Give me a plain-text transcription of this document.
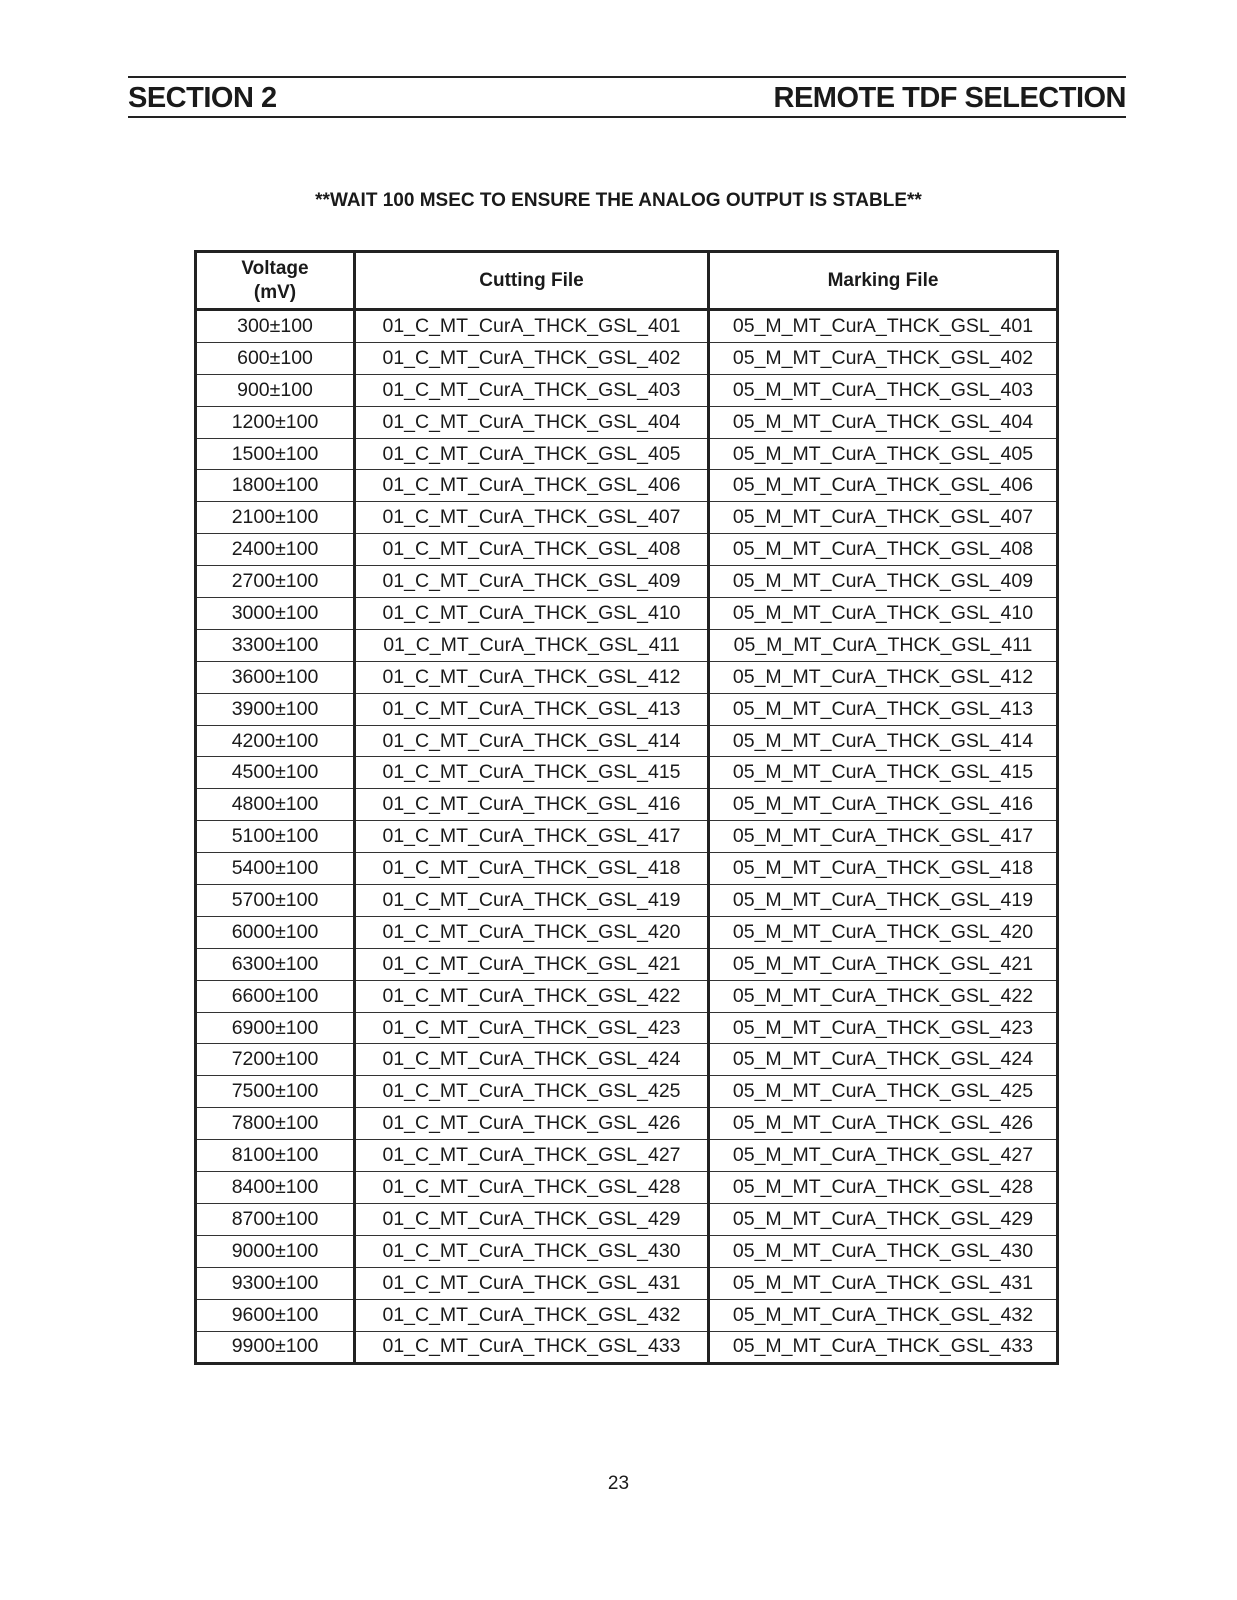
SECTION 2	REMOTE TDF SELECTION
**WAIT 100 MSEC TO ENSURE THE ANALOG OUTPUT IS STABLE**
Voltage (mV)	Cutting File	Marking File
300±100	01_C_MT_CurA_THCK_GSL_401	05_M_MT_CurA_THCK_GSL_401
600±100	01_C_MT_CurA_THCK_GSL_402	05_M_MT_CurA_THCK_GSL_402
900±100	01_C_MT_CurA_THCK_GSL_403	05_M_MT_CurA_THCK_GSL_403
1200±100	01_C_MT_CurA_THCK_GSL_404	05_M_MT_CurA_THCK_GSL_404
1500±100	01_C_MT_CurA_THCK_GSL_405	05_M_MT_CurA_THCK_GSL_405
1800±100	01_C_MT_CurA_THCK_GSL_406	05_M_MT_CurA_THCK_GSL_406
2100±100	01_C_MT_CurA_THCK_GSL_407	05_M_MT_CurA_THCK_GSL_407
2400±100	01_C_MT_CurA_THCK_GSL_408	05_M_MT_CurA_THCK_GSL_408
2700±100	01_C_MT_CurA_THCK_GSL_409	05_M_MT_CurA_THCK_GSL_409
3000±100	01_C_MT_CurA_THCK_GSL_410	05_M_MT_CurA_THCK_GSL_410
3300±100	01_C_MT_CurA_THCK_GSL_411	05_M_MT_CurA_THCK_GSL_411
3600±100	01_C_MT_CurA_THCK_GSL_412	05_M_MT_CurA_THCK_GSL_412
3900±100	01_C_MT_CurA_THCK_GSL_413	05_M_MT_CurA_THCK_GSL_413
4200±100	01_C_MT_CurA_THCK_GSL_414	05_M_MT_CurA_THCK_GSL_414
4500±100	01_C_MT_CurA_THCK_GSL_415	05_M_MT_CurA_THCK_GSL_415
4800±100	01_C_MT_CurA_THCK_GSL_416	05_M_MT_CurA_THCK_GSL_416
5100±100	01_C_MT_CurA_THCK_GSL_417	05_M_MT_CurA_THCK_GSL_417
5400±100	01_C_MT_CurA_THCK_GSL_418	05_M_MT_CurA_THCK_GSL_418
5700±100	01_C_MT_CurA_THCK_GSL_419	05_M_MT_CurA_THCK_GSL_419
6000±100	01_C_MT_CurA_THCK_GSL_420	05_M_MT_CurA_THCK_GSL_420
6300±100	01_C_MT_CurA_THCK_GSL_421	05_M_MT_CurA_THCK_GSL_421
6600±100	01_C_MT_CurA_THCK_GSL_422	05_M_MT_CurA_THCK_GSL_422
6900±100	01_C_MT_CurA_THCK_GSL_423	05_M_MT_CurA_THCK_GSL_423
7200±100	01_C_MT_CurA_THCK_GSL_424	05_M_MT_CurA_THCK_GSL_424
7500±100	01_C_MT_CurA_THCK_GSL_425	05_M_MT_CurA_THCK_GSL_425
7800±100	01_C_MT_CurA_THCK_GSL_426	05_M_MT_CurA_THCK_GSL_426
8100±100	01_C_MT_CurA_THCK_GSL_427	05_M_MT_CurA_THCK_GSL_427
8400±100	01_C_MT_CurA_THCK_GSL_428	05_M_MT_CurA_THCK_GSL_428
8700±100	01_C_MT_CurA_THCK_GSL_429	05_M_MT_CurA_THCK_GSL_429
9000±100	01_C_MT_CurA_THCK_GSL_430	05_M_MT_CurA_THCK_GSL_430
9300±100	01_C_MT_CurA_THCK_GSL_431	05_M_MT_CurA_THCK_GSL_431
9600±100	01_C_MT_CurA_THCK_GSL_432	05_M_MT_CurA_THCK_GSL_432
9900±100	01_C_MT_CurA_THCK_GSL_433	05_M_MT_CurA_THCK_GSL_433
23
